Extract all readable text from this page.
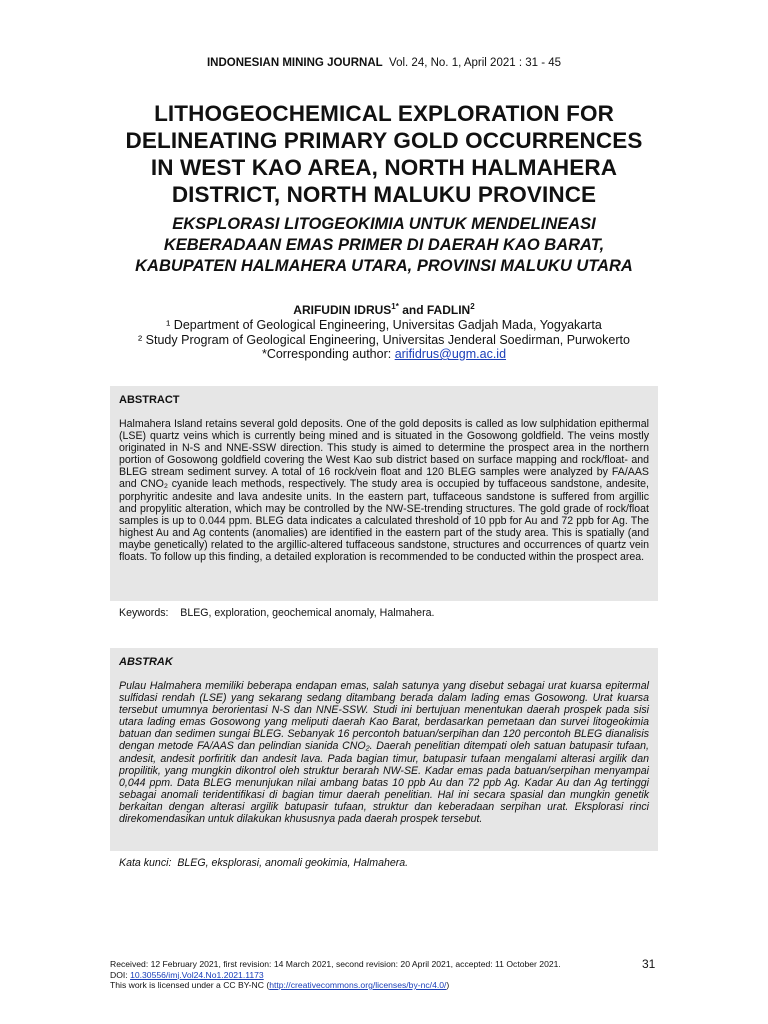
INDONESIAN MINING JOURNAL Vol. 24, No. 1, April 2021 : 31 - 45
LITHOGEOCHEMICAL EXPLORATION FOR
DELINEATING PRIMARY GOLD OCCURRENCES
IN WEST KAO AREA, NORTH HALMAHERA
DISTRICT, NORTH MALUKU PROVINCE
EKSPLORASI LITOGEOKIMIA UNTUK MENDELINEASI
KEBERADAAN EMAS PRIMER DI DAERAH KAO BARAT,
KABUPATEN HALMAHERA UTARA, PROVINSI MALUKU UTARA
ARIFUDIN $IDRUS^{1*}$ and FADLIN$^2$
¹ Department of Geological Engineering, Universitas Gadjah Mada, Yogyakarta
² Study Program of Geological Engineering, Universitas Jenderal Soedirman, Purwokerto
*Corresponding author: arifidrus@ugm.ac.id
ABSTRACT

Halmahera Island retains several gold deposits. One of the gold deposits is called as low sulphidation epithermal (LSE) quartz veins which is currently being mined and is situated in the Gosowong goldfield. The veins mostly originated in N-S and NNE-SSW direction. This study is aimed to determine the prospect area in the northern portion of Gosowong goldfield covering the West Kao sub district based on surface mapping and rock/float- and BLEG stream sediment survey. A total of 16 rock/vein float and 120 BLEG samples were analyzed by FA/AAS and CNO₂ cyanide leach methods, respectively. The study area is occupied by tuffaceous sandstone, andesite, porphyritic andesite and lava andesite units. In the eastern part, tuffaceous sandstone is suffered from argillic and propylitic alteration, which may be controlled by the NW-SE-trending structures. The gold grade of rock/float samples is up to 0.044 ppm. BLEG data indicates a calculated threshold of 10 ppb for Au and 72 ppb for Ag. The highest Au and Ag contents (anomalies) are identified in the eastern part of the study area. This is spatially (and maybe genetically) related to the argillic-altered tuffaceous sandstone, structures and occurrences of quartz vein floats. To follow up this finding, a detailed exploration is recommended to be conducted within the prospect area.

Keywords: BLEG, exploration, geochemical anomaly, Halmahera.
ABSTRAK

Pulau Halmahera memiliki beberapa endapan emas, salah satunya yang disebut sebagai urat kuarsa epitermal sulfidasi rendah (LSE) yang sekarang sedang ditambang berada dalam lading emas Gosowong. Urat kuarsa tersebut umumnya berorientasi N-S dan NNE-SSW. Studi ini bertujuan menentukan daerah prospek pada sisi utara lading emas Gosowong yang meliputi daerah Kao Barat, berdasarkan pemetaan dan survei litogeokimia batuan dan sedimen sungai BLEG. Sebanyak 16 percontoh batuan/serpihan dan 120 percontoh BLEG dianalisis dengan metode FA/AAS dan pelindian sianida CNO₂. Daerah penelitian ditempati oleh satuan batupasir tufaan, andesit, andesit porfiritik dan andesit lava. Pada bagian timur, batupasir tufaan mengalami alterasi argilik dan propilitik, yang mungkin dikontrol oleh struktur berarah NW-SE. Kadar emas pada batuan/serpihan menyampai 0,044 ppm. Data BLEG menunjukan nilai ambang batas 10 ppb Au dan 72 ppb Ag. Kadar Au dan Ag tertinggi sebagai anomali teridentifikasi di bagian timur daerah penelitian. Hal ini secara spasial dan mungkin genetik berkaitan dengan alterasi argilik batupasir tufaan, struktur dan keberadaan serpihan urat. Eksplorasi rinci direkomendasikan untuk dilakukan khususnya pada daerah prospek tersebut.

Kata kunci: BLEG, eksplorasi, anomali geokimia, Halmahera.
Received: 12 February 2021, first revision: 14 March 2021, second revision: 20 April 2021, accepted: 11 October 2021.
DOI: 10.30556/imj.Vol24.No1.2021.1173
This work is licensed under a CC BY-NC (http://creativecommons.org/licenses/by-nc/4.0/)
31
